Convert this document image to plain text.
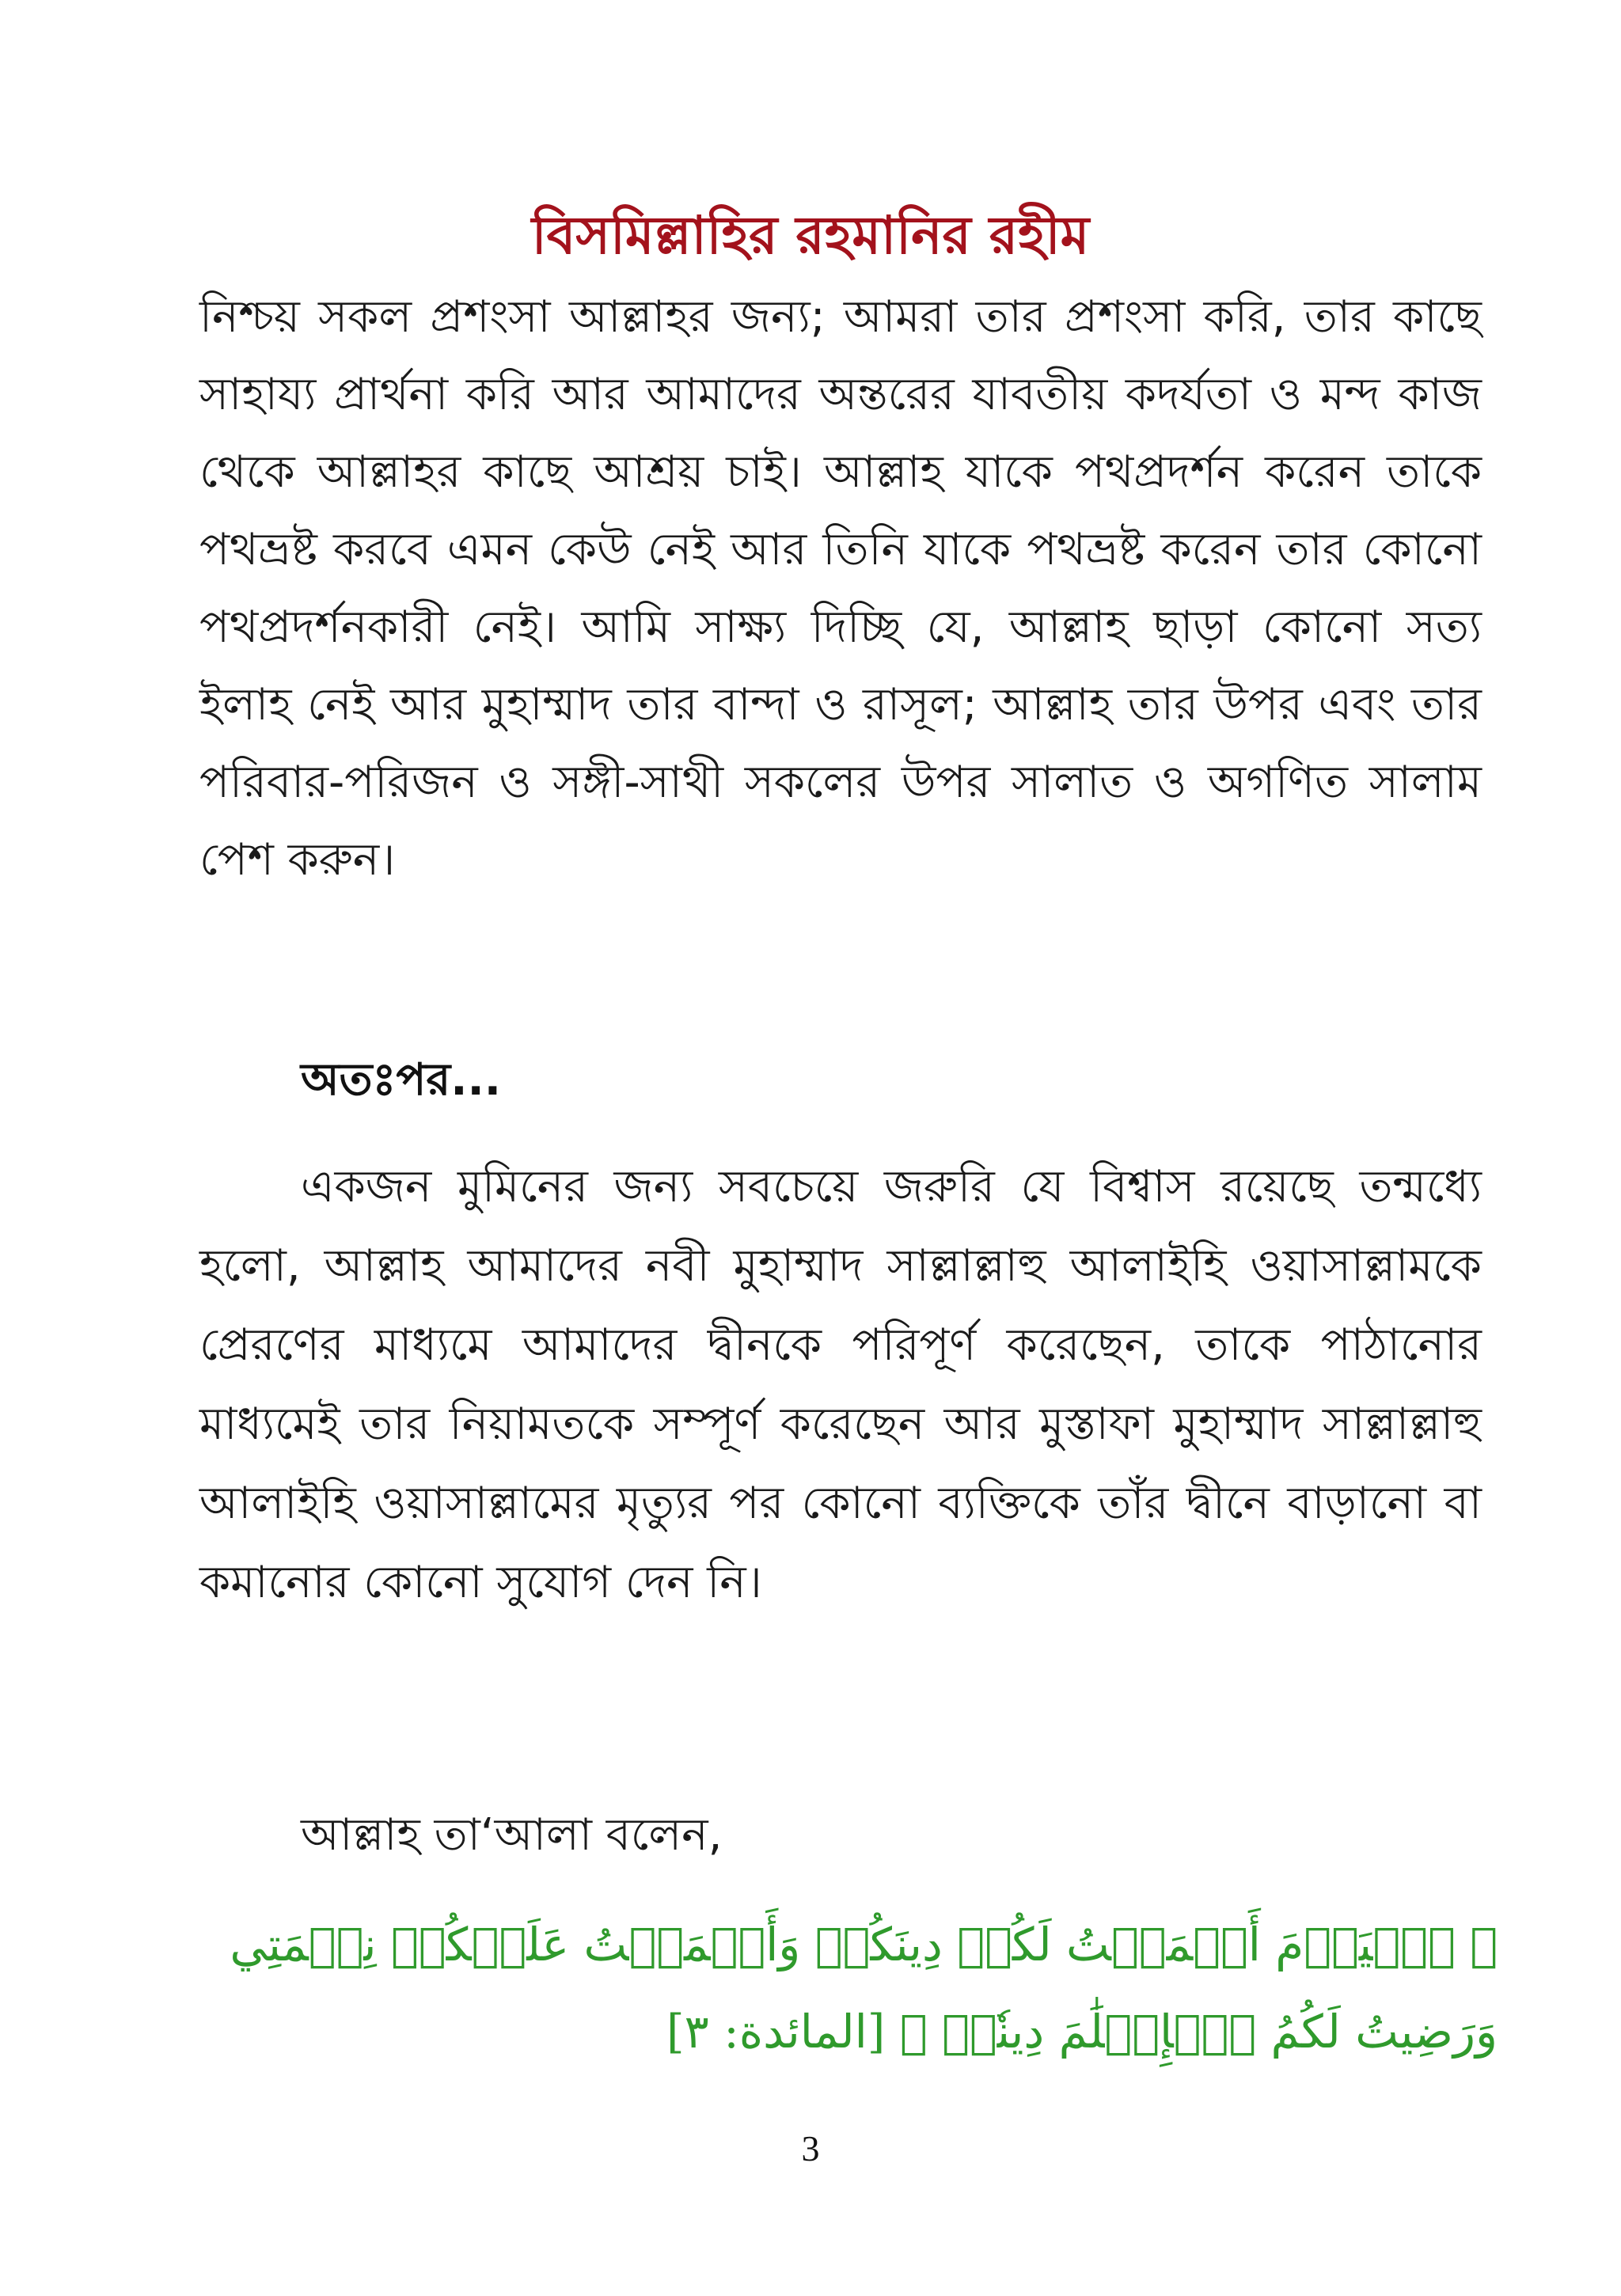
বিসমিল্লাহির রহমানির রহীম
নিশ্চয় সকল প্রশংসা আল্লাহর জন্য; আমরা তার প্রশংসা করি, তার কাছে সাহায্য প্রার্থনা করি আর আমাদের অন্তরের যাবতীয় কদর্যতা ও মন্দ কাজ থেকে আল্লাহর কাছে আশ্রয় চাই। আল্লাহ যাকে পথপ্রদর্শন করেন তাকে পথভ্রষ্ট করবে এমন কেউ নেই আর তিনি যাকে পথভ্রষ্ট করেন তার কোনো পথপ্রদর্শনকারী নেই। আমি সাক্ষ্য দিচ্ছি যে, আল্লাহ ছাড়া কোনো সত্য ইলাহ নেই আর মুহাম্মাদ তার বান্দা ও রাসূল; আল্লাহ তার উপর এবং তার পরিবার-পরিজন ও সঙ্গী-সাথী সকলের উপর সালাত ও অগণিত সালাম পেশ করুন।
অতঃপর...
একজন মুমিনের জন্য সবচেয়ে জরুরি যে বিশ্বাস রয়েছে তন্মধ্যে হলো, আল্লাহ আমাদের নবী মুহাম্মাদ সাল্লাল্লাহু আলাইহি ওয়াসাল্লামকে প্রেরণের মাধ্যমে আমাদের দ্বীনকে পরিপূর্ণ করেছেন, তাকে পাঠানোর মাধ্যমেই তার নিয়ামতকে সম্পূর্ণ করেছেন আর মুস্তাফা মুহাম্মাদ সাল্লাল্লাহু আলাইহি ওয়াসাল্লামের মৃত্যুর পর কোনো ব্যক্তিকে তাঁর দ্বীনে বাড়ানো বা কমানোর কোনো সুযোগ দেন নি।
আল্লাহ তা‘আলা বলেন,
﴿ ٱلۡيَوۡمَ أَكۡمَلۡتُ لَكُمۡ دِينَكُمۡ وَأَتۡمَمۡتُ عَلَيۡكُمۡ نِعۡمَتِي وَرَضِيتُ لَكُمُ ٱلۡإِسۡلَٰمَ دِينٗاۚ ﴾ [المائدة: ٣]
3
